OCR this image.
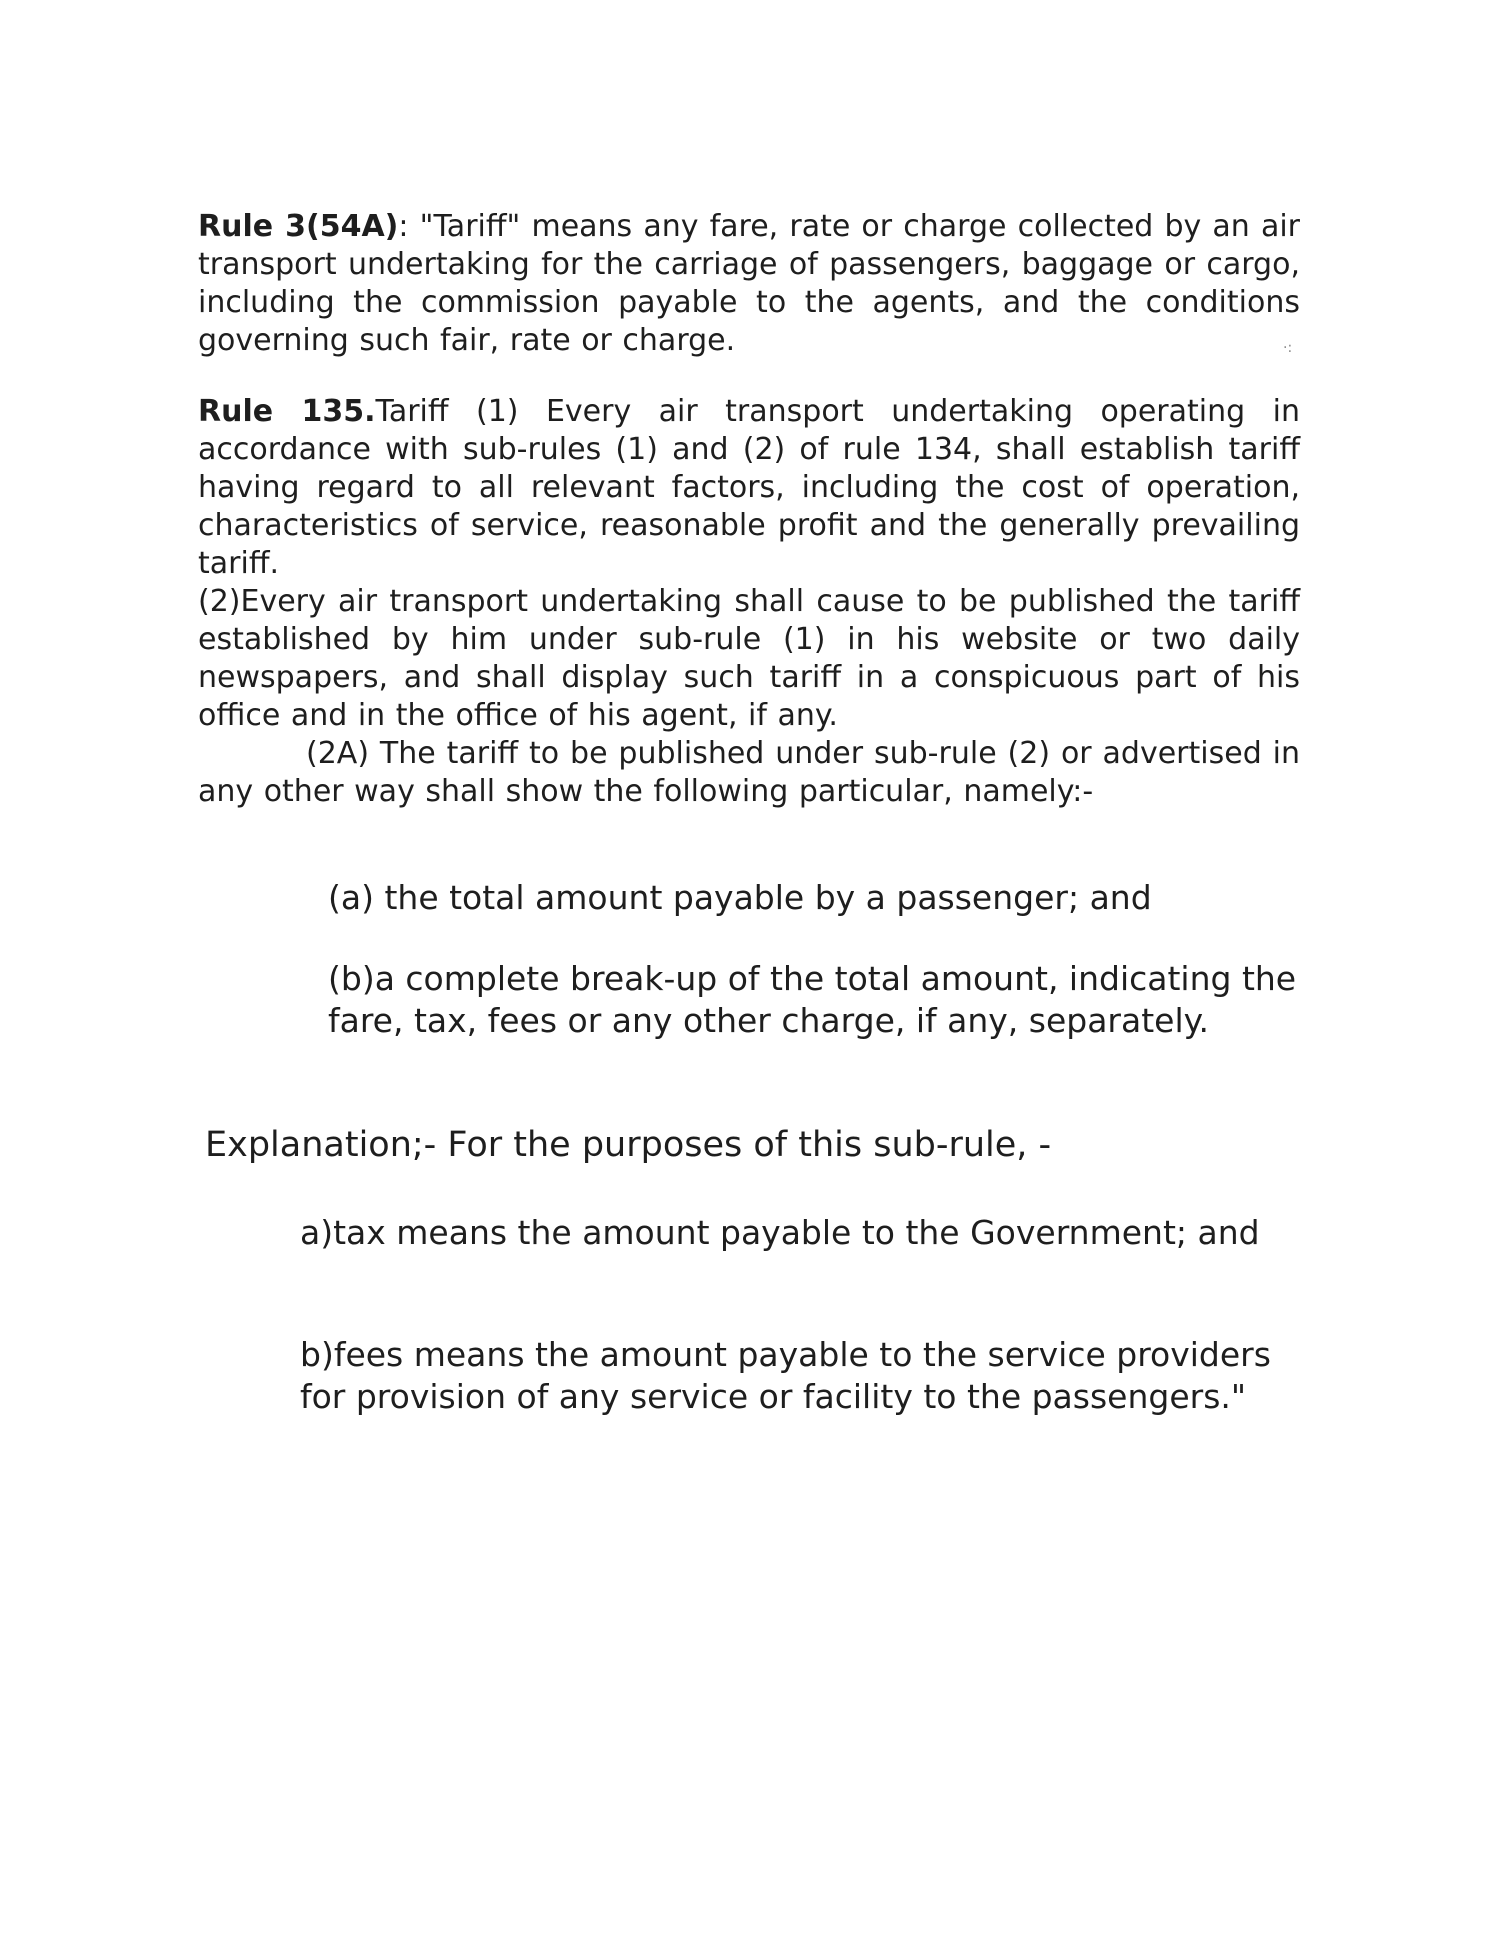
·:
Rule 3(54A): "Tariff" means any fare, rate or charge collected by an air transport undertaking for the carriage of passengers, baggage or cargo, including the commission payable to the agents, and the conditions governing such fair, rate or charge.
Rule 135.Tariff (1) Every air transport undertaking operating in accordance with sub-rules (1) and (2) of rule 134, shall establish tariff having regard to all relevant factors, including the cost of operation, characteristics of service, reasonable profit and the generally prevailing tariff.
(2)Every air transport undertaking shall cause to be published the tariff established by him under sub-rule (1) in his website or two daily newspapers, and shall display such tariff in a conspicuous part of his office and in the office of his agent, if any.
(2A) The tariff to be published under sub-rule (2) or advertised in any other way shall show the following particular, namely:-
(a) the total amount payable by a passenger; and
(b)a complete break-up of the total amount, indicating the fare, tax, fees or any other charge, if any, separately.
Explanation;- For the purposes of this sub-rule, -
a)tax means the amount payable to the Government; and
b)fees means the amount payable to the service providers for provision of any service or facility to the passengers."
